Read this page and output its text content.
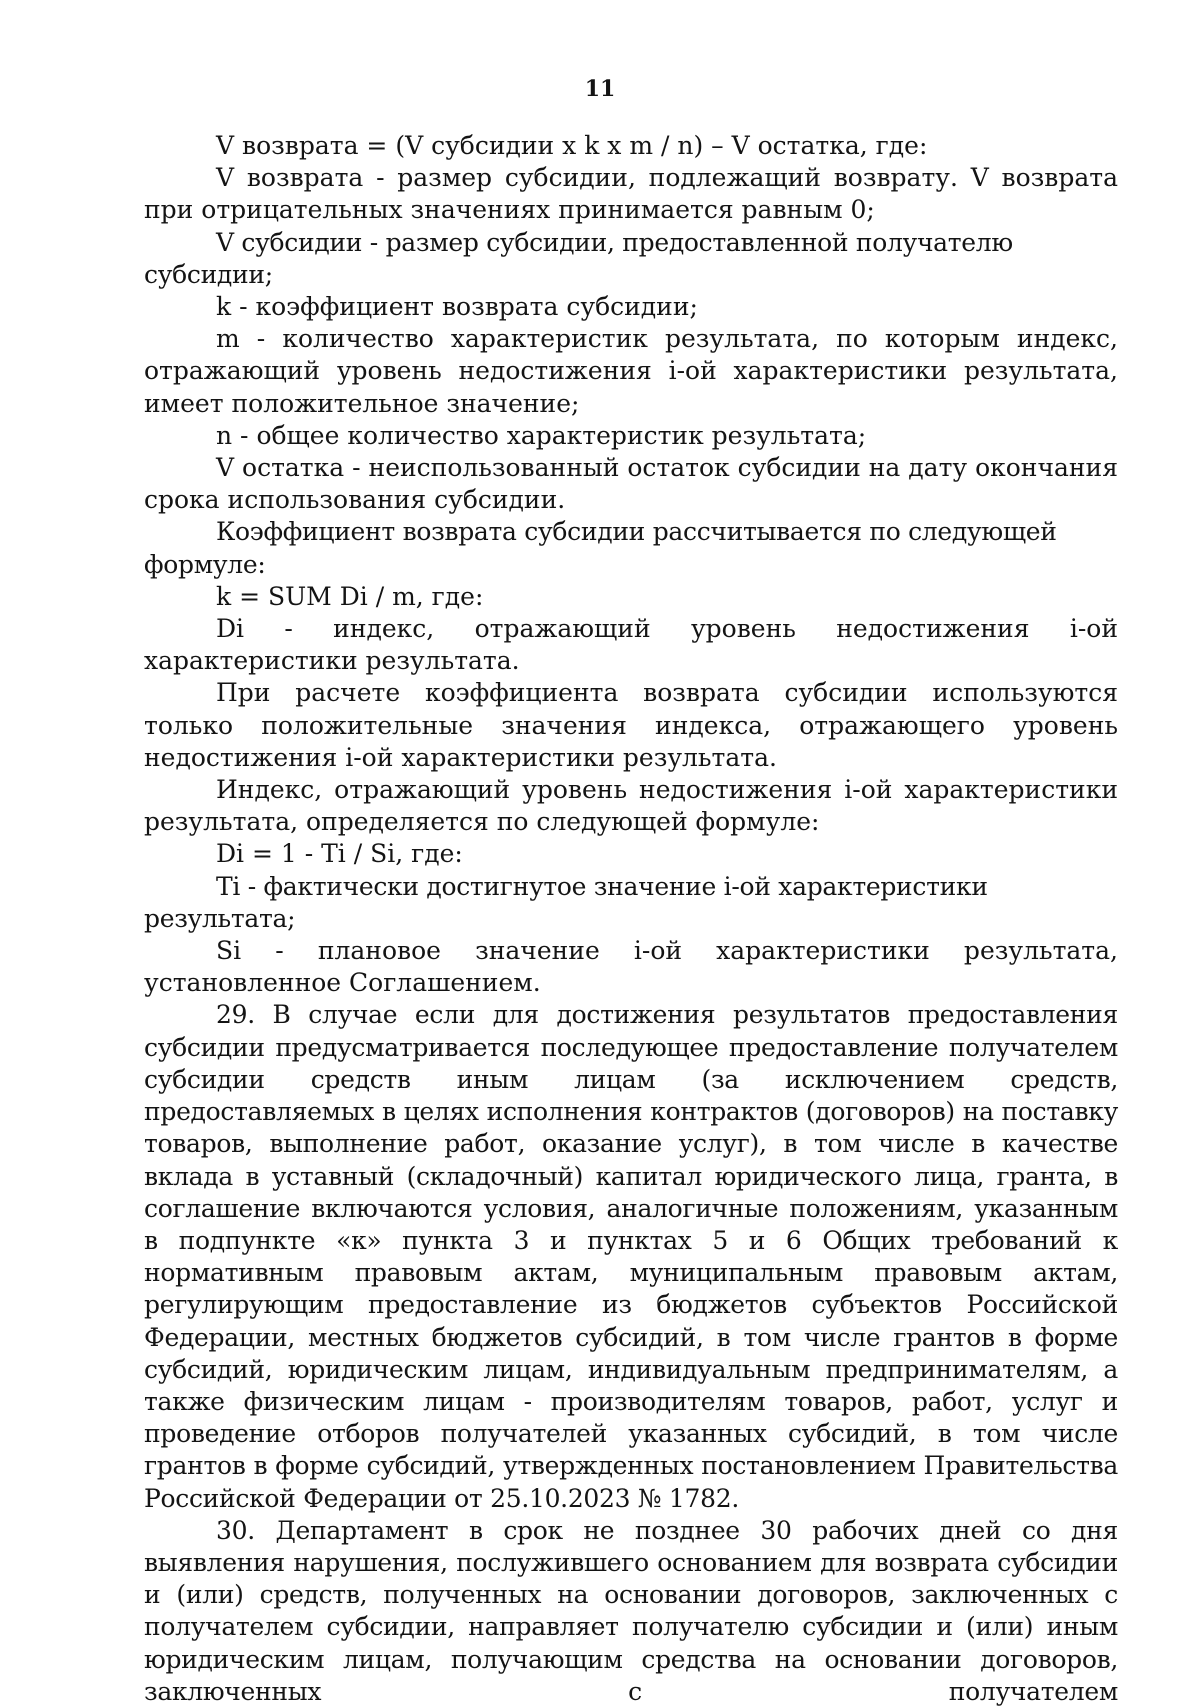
11

V возврата = (V субсидии x k x m / n) – V остатка, где:

V возврата - размер субсидии, подлежащий возврату. V возврата при отрицательных значениях принимается равным 0;

V субсидии - размер субсидии, предоставленной получателю субсидии;

k - коэффициент возврата субсидии;

m - количество характеристик результата, по которым индекс, отражающий уровень недостижения i-ой характеристики результата, имеет положительное значение;

n - общее количество характеристик результата;

V остатка - неиспользованный остаток субсидии на дату окончания срока использования субсидии.

Коэффициент возврата субсидии рассчитывается по следующей формуле:

k = SUM Di / m, где:

Di - индекс, отражающий уровень недостижения i-ой характеристики результата.

При расчете коэффициента возврата субсидии используются только положительные значения индекса, отражающего уровень недостижения i-ой характеристики результата.

Индекс, отражающий уровень недостижения i-ой характеристики результата, определяется по следующей формуле:

Di = 1 - Ti / Si, где:

Ti - фактически достигнутое значение i-ой характеристики результата;

Si - плановое значение i-ой характеристики результата, установленное Соглашением.

29. В случае если для достижения результатов предоставления субсидии предусматривается последующее предоставление получателем субсидии средств иным лицам (за исключением средств, предоставляемых в целях исполнения контрактов (договоров) на поставку товаров, выполнение работ, оказание услуг), в том числе в качестве вклада в уставный (складочный) капитал юридического лица, гранта, в соглашение включаются условия, аналогичные положениям, указанным в подпункте «к» пункта 3 и пунктах 5 и 6 Общих требований к нормативным правовым актам, муниципальным правовым актам, регулирующим предоставление из бюджетов субъектов Российской Федерации, местных бюджетов субсидий, в том числе грантов в форме субсидий, юридическим лицам, индивидуальным предпринимателям, а также физическим лицам - производителям товаров, работ, услуг и проведение отборов получателей указанных субсидий, в том числе грантов в форме субсидий, утвержденных постановлением Правительства Российской Федерации от 25.10.2023 № 1782.

30. Департамент в срок не позднее 30 рабочих дней со дня выявления нарушения, послужившего основанием для возврата субсидии и (или) средств, полученных на основании договоров, заключенных с получателем субсидии, направляет получателю субсидии и (или) иным юридическим лицам, получающим средства на основании договоров, заключенных с получателем
